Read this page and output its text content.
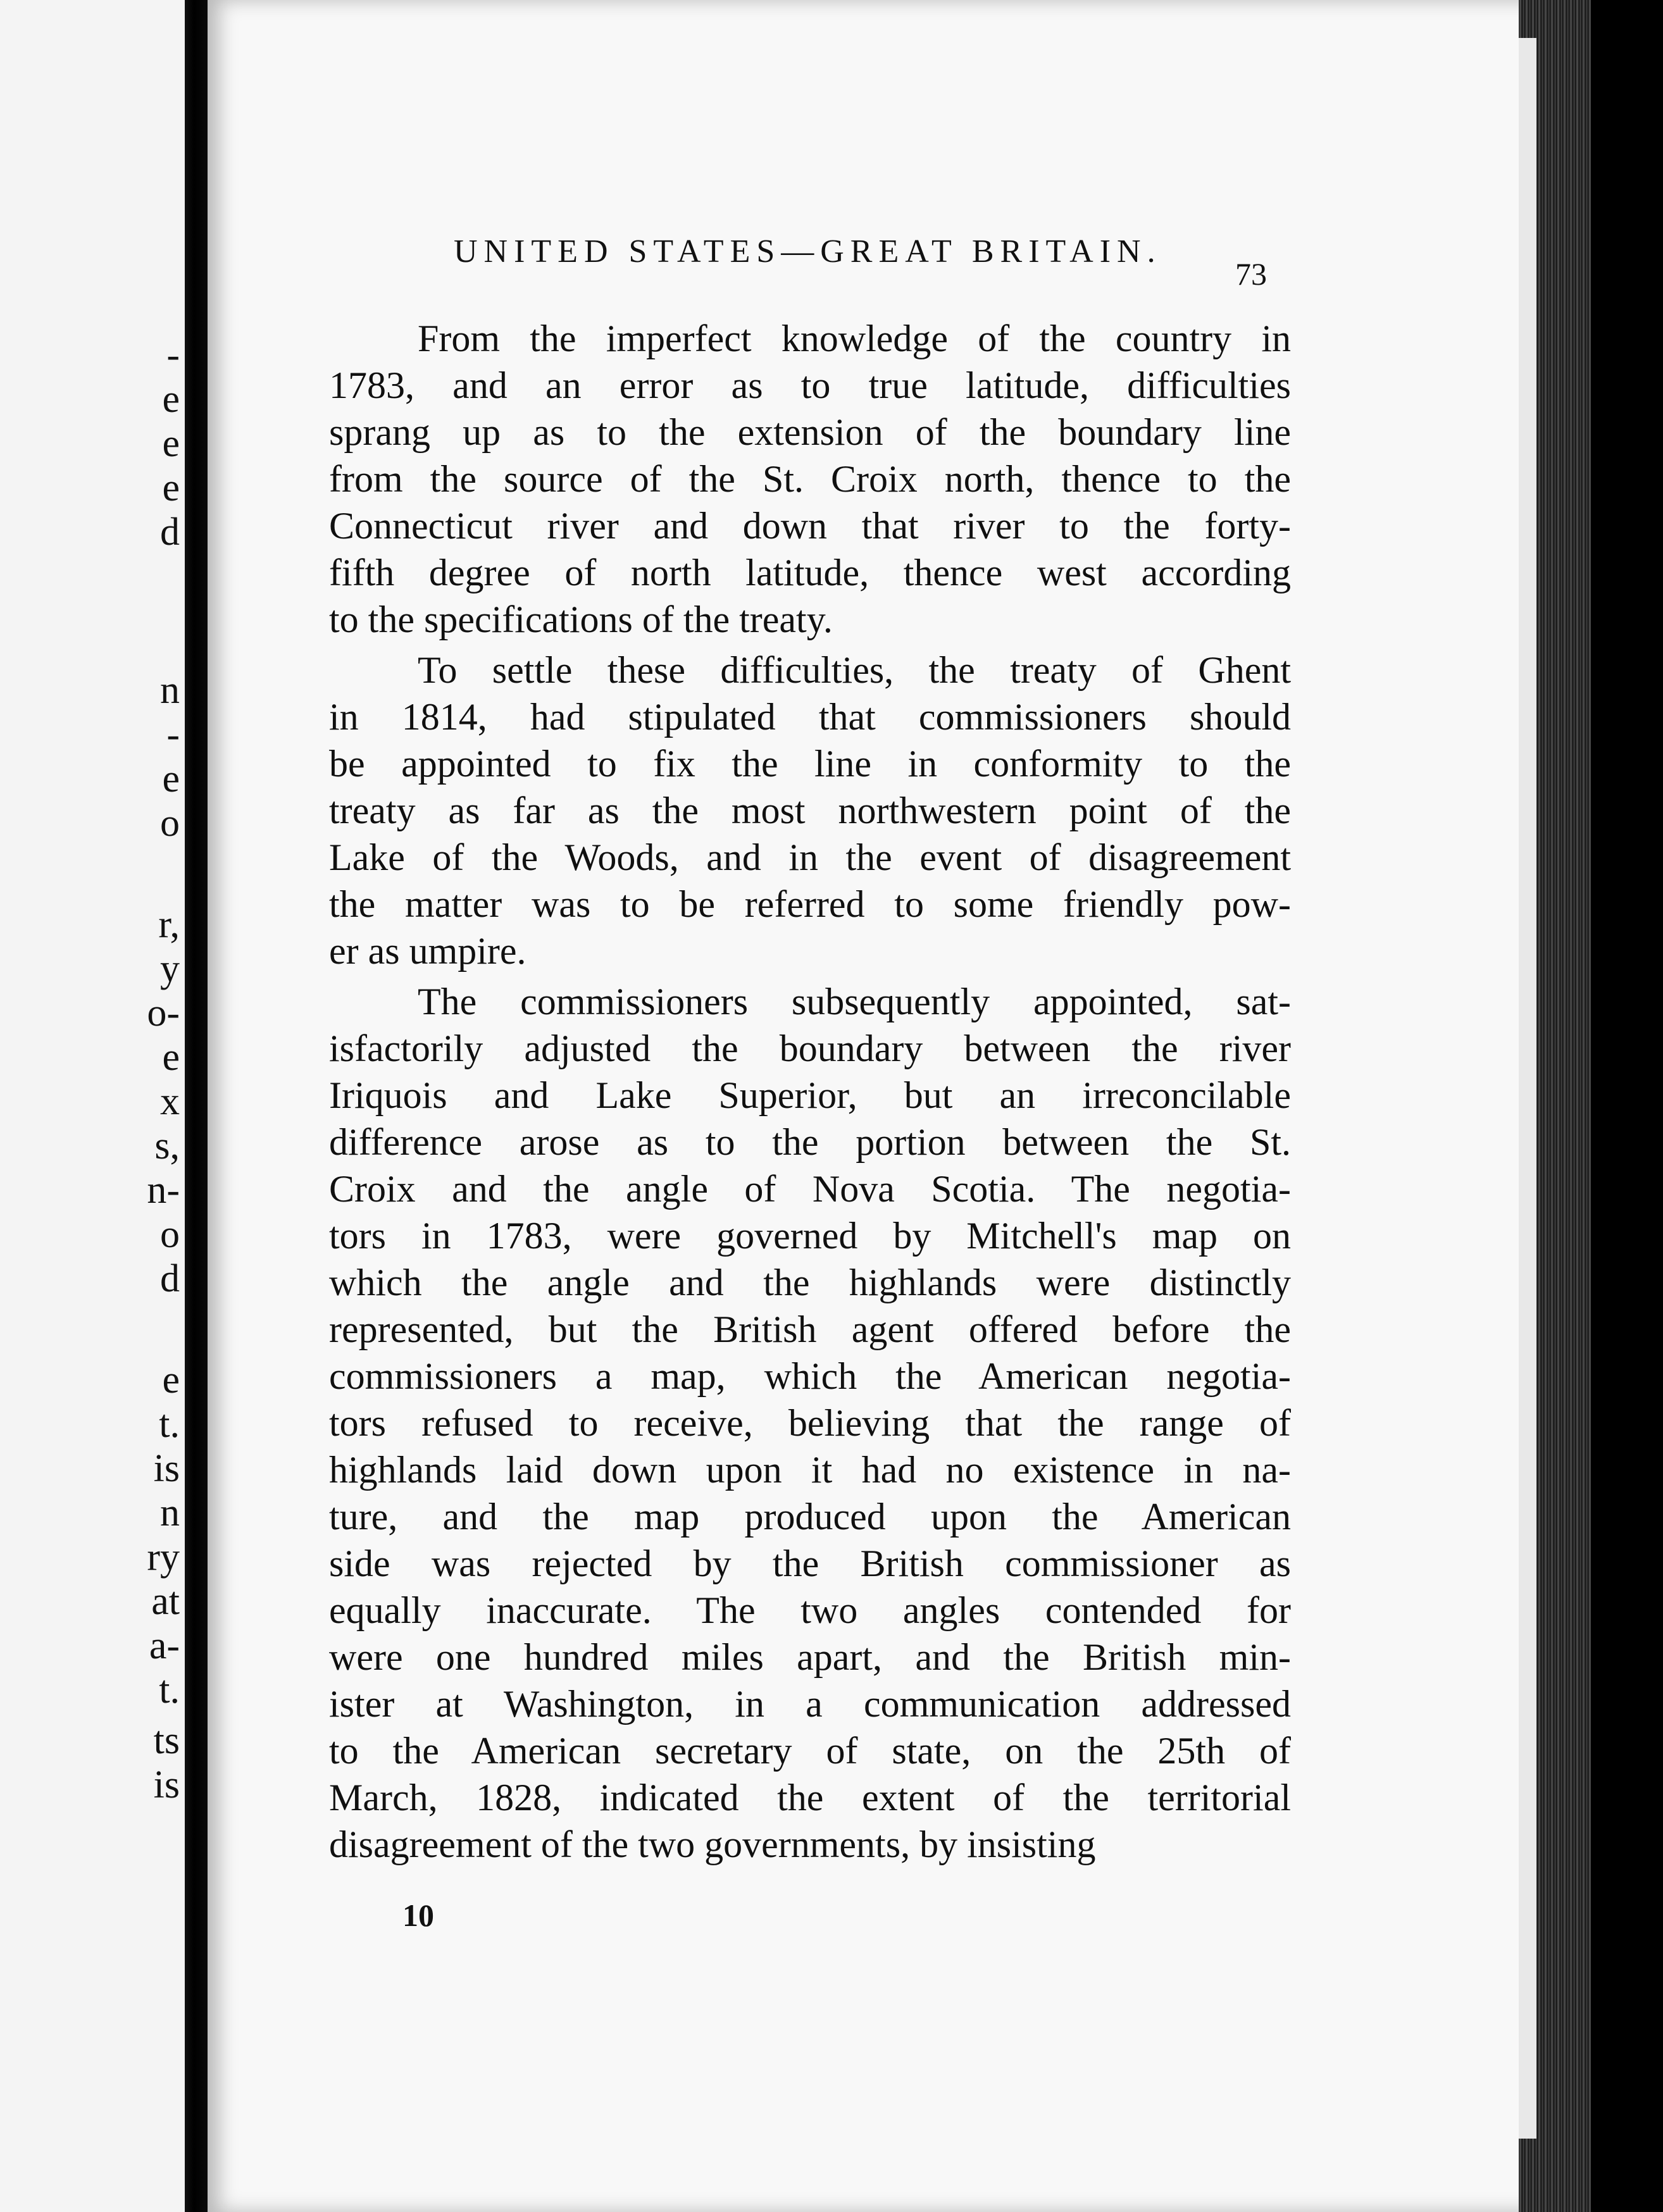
-
e
e
e
d
n
-
e
o
r,
y
o-
e
x
s,
n-
o
d
e
t.
is
n
ry
at
a-
t.
ts
is
UNITED STATES—GREAT BRITAIN.
73
From the imperfect knowledge of the country in
1783, and an error as to true latitude, difficulties
sprang up as to the extension of the boundary line
from the source of the St. Croix north, thence to the
Connecticut river and down that river to the forty-
fifth degree of north latitude, thence west according
to the specifications of the treaty.
To settle these difficulties, the treaty of Ghent
in 1814, had stipulated that commissioners should
be appointed to fix the line in conformity to the
treaty as far as the most northwestern point of the
Lake of the Woods, and in the event of disagreement
the matter was to be referred to some friendly pow-
er as umpire.
The commissioners subsequently appointed, sat-
isfactorily adjusted the boundary between the river
Iriquois and Lake Superior, but an irreconcilable
difference arose as to the portion between the St.
Croix and the angle of Nova Scotia. The negotia-
tors in 1783, were governed by Mitchell's map on
which the angle and the highlands were distinctly
represented, but the British agent offered before the
commissioners a map, which the American negotia-
tors refused to receive, believing that the range of
highlands laid down upon it had no existence in na-
ture, and the map produced upon the American
side was rejected by the British commissioner as
equally inaccurate. The two angles contended for
were one hundred miles apart, and the British min-
ister at Washington, in a communication addressed
to the American secretary of state, on the 25th of
March, 1828, indicated the extent of the territorial
disagreement of the two governments, by insisting
10
